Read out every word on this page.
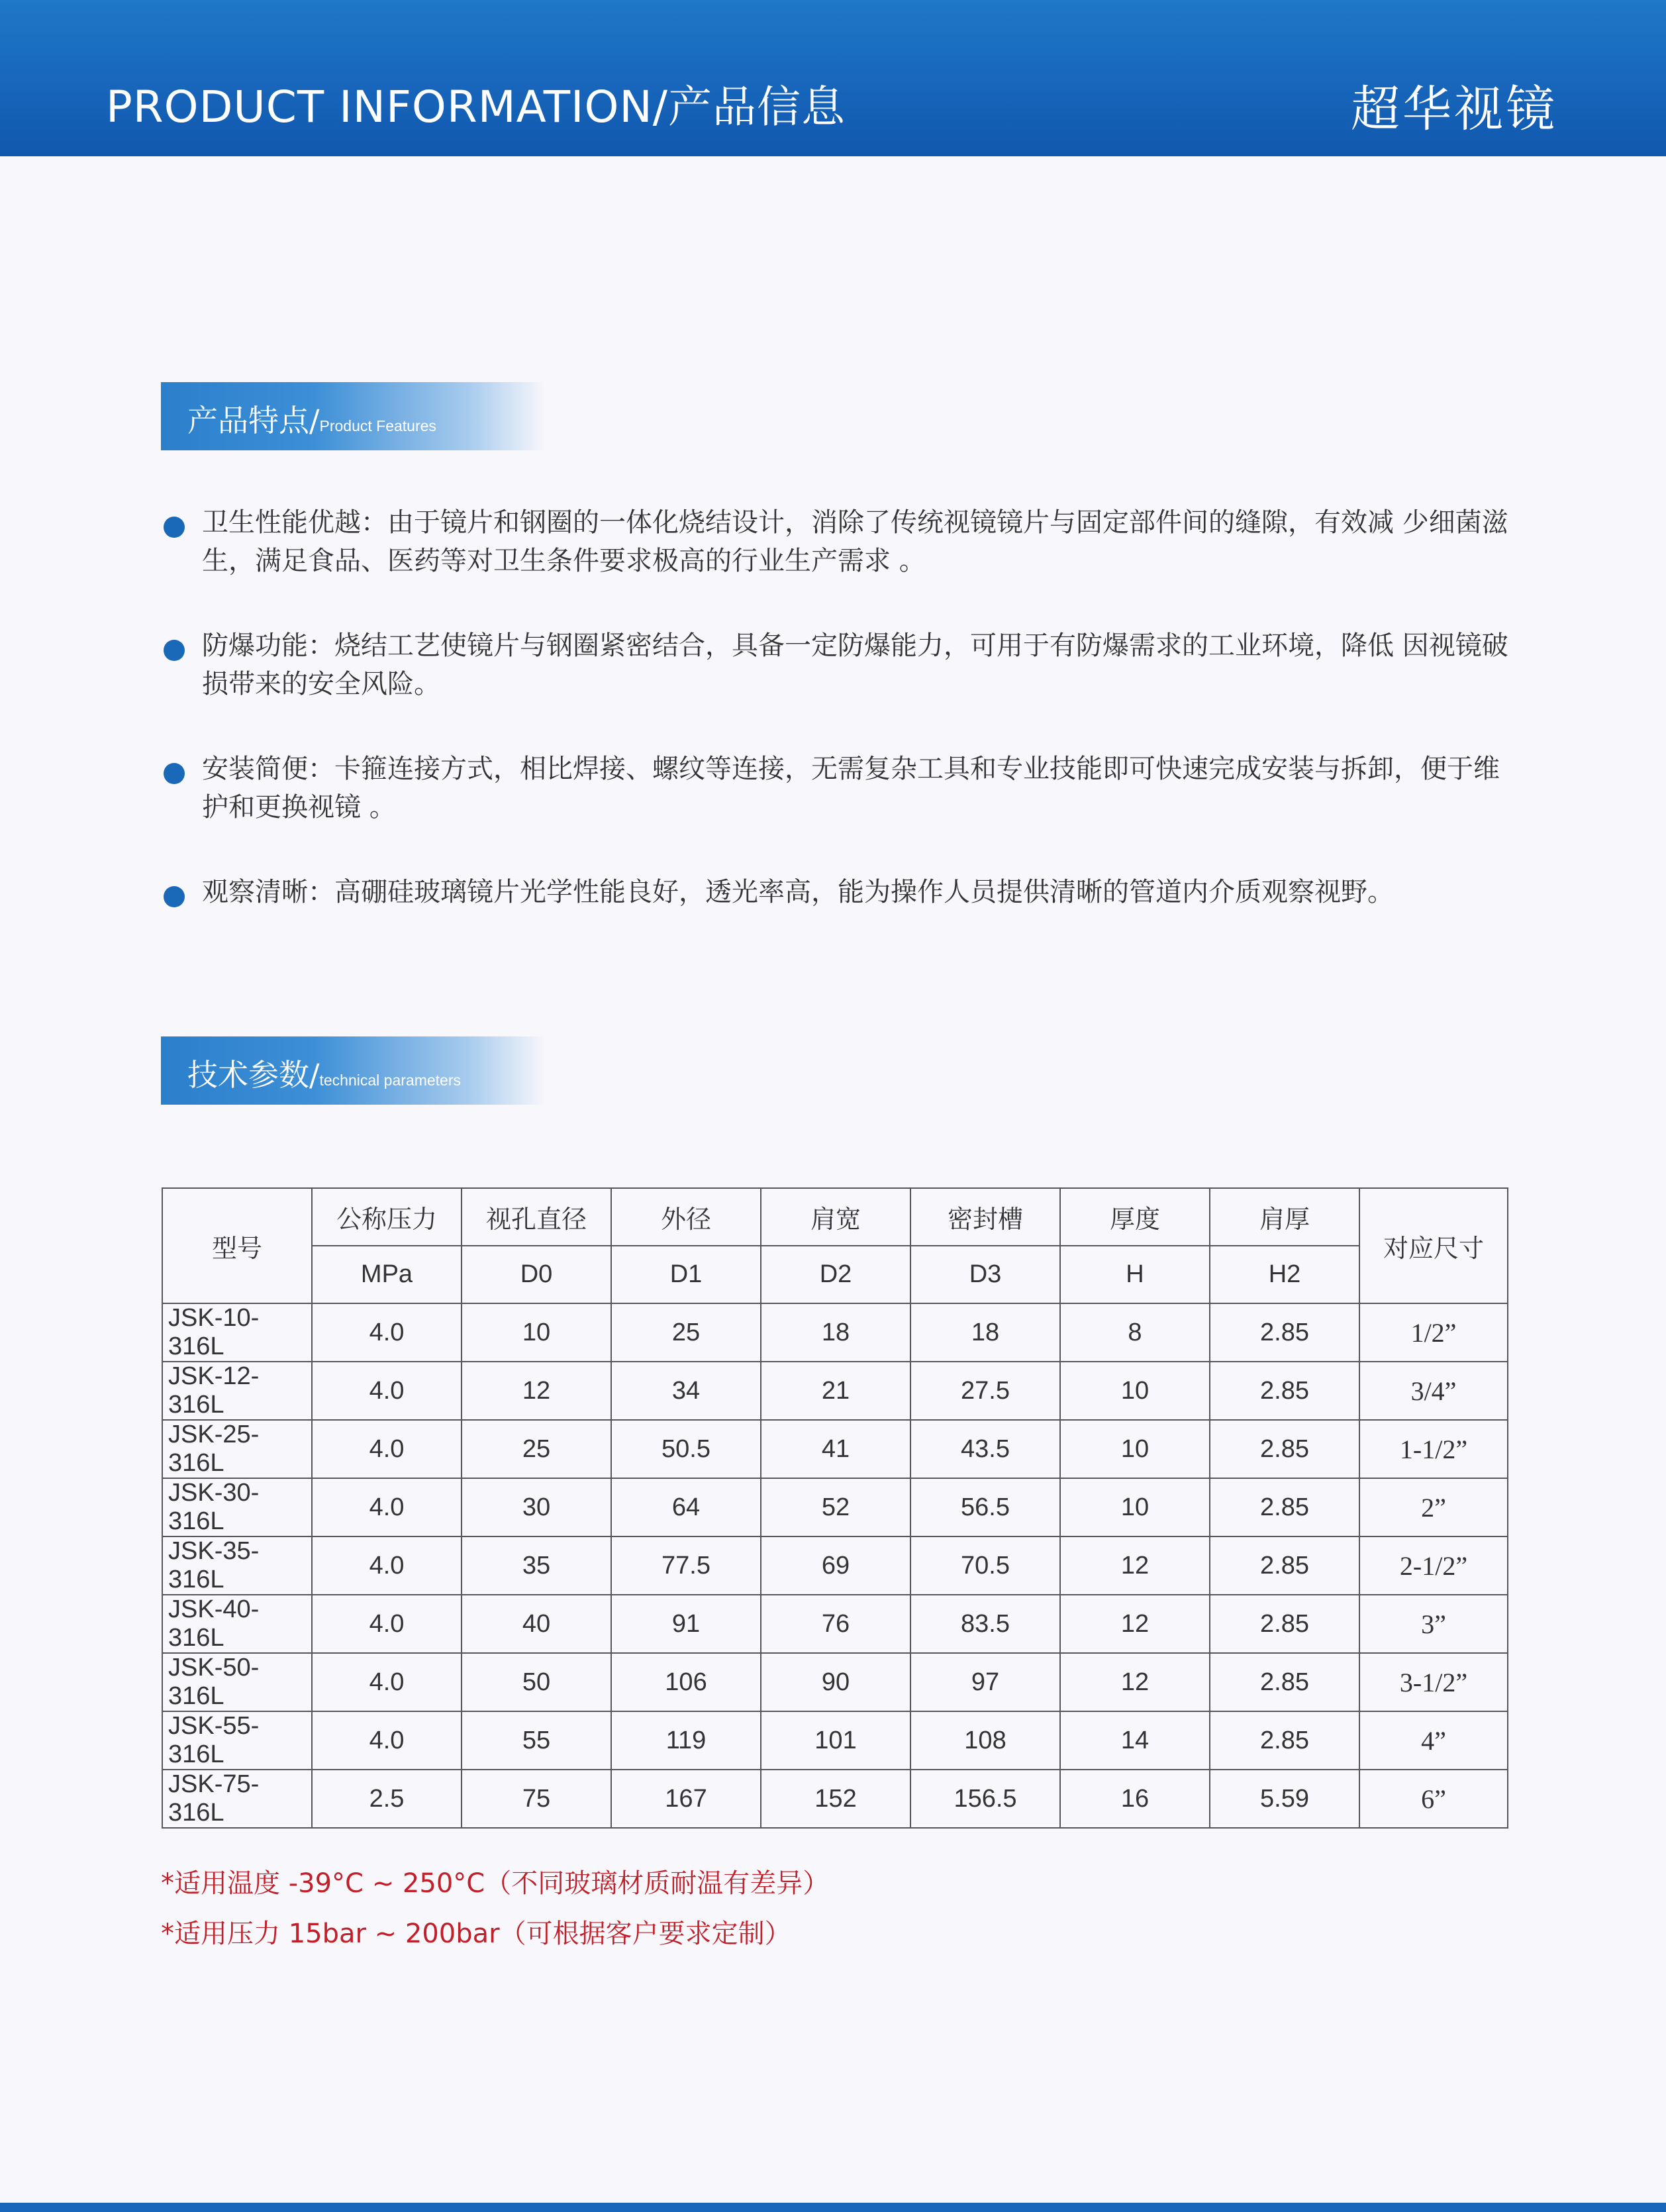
PRODUCT INFORMATION/产品信息	超华视镜
产品特点/Product Features

卫生性能优越：由于镜片和钢圈的一体化烧结设计，消除了传统视镜镜片与固定部件间的缝隙，有效减 少细菌滋生，满足食品、医药等对卫生条件要求极高的行业生产需求 。

防爆功能：烧结工艺使镜片与钢圈紧密结合，具备一定防爆能力，可用于有防爆需求的工业环境，降低 因视镜破损带来的安全风险。

安装简便：卡箍连接方式，相比焊接、螺纹等连接，无需复杂工具和专业技能即可快速完成安装与拆卸，便于维护和更换视镜 。

观察清晰：高硼硅玻璃镜片光学性能良好，透光率高，能为操作人员提供清晰的管道内介质观察视野。

技术参数/technical parameters
型号	公称压力	视孔直径	外径	肩宽	密封槽	厚度	肩厚	对应尺寸
	MPa	D0	D1	D2	D3	H	H2	
JSK-10-316L	4.0	10	25	18	18	8	2.85	1/2”
JSK-12-316L	4.0	12	34	21	27.5	10	2.85	3/4”
JSK-25-316L	4.0	25	50.5	41	43.5	10	2.85	1-1/2”
JSK-30-316L	4.0	30	64	52	56.5	10	2.85	2”
JSK-35-316L	4.0	35	77.5	69	70.5	12	2.85	2-1/2”
JSK-40-316L	4.0	40	91	76	83.5	12	2.85	3”
JSK-50-316L	4.0	50	106	90	97	12	2.85	3-1/2”
JSK-55-316L	4.0	55	119	101	108	14	2.85	4”
JSK-75-316L	2.5	75	167	152	156.5	16	5.59	6”
*适用温度 -39°C ~ 250°C（不同玻璃材质耐温有差异）
*适用压力 15bar ~ 200bar（可根据客户要求定制）
